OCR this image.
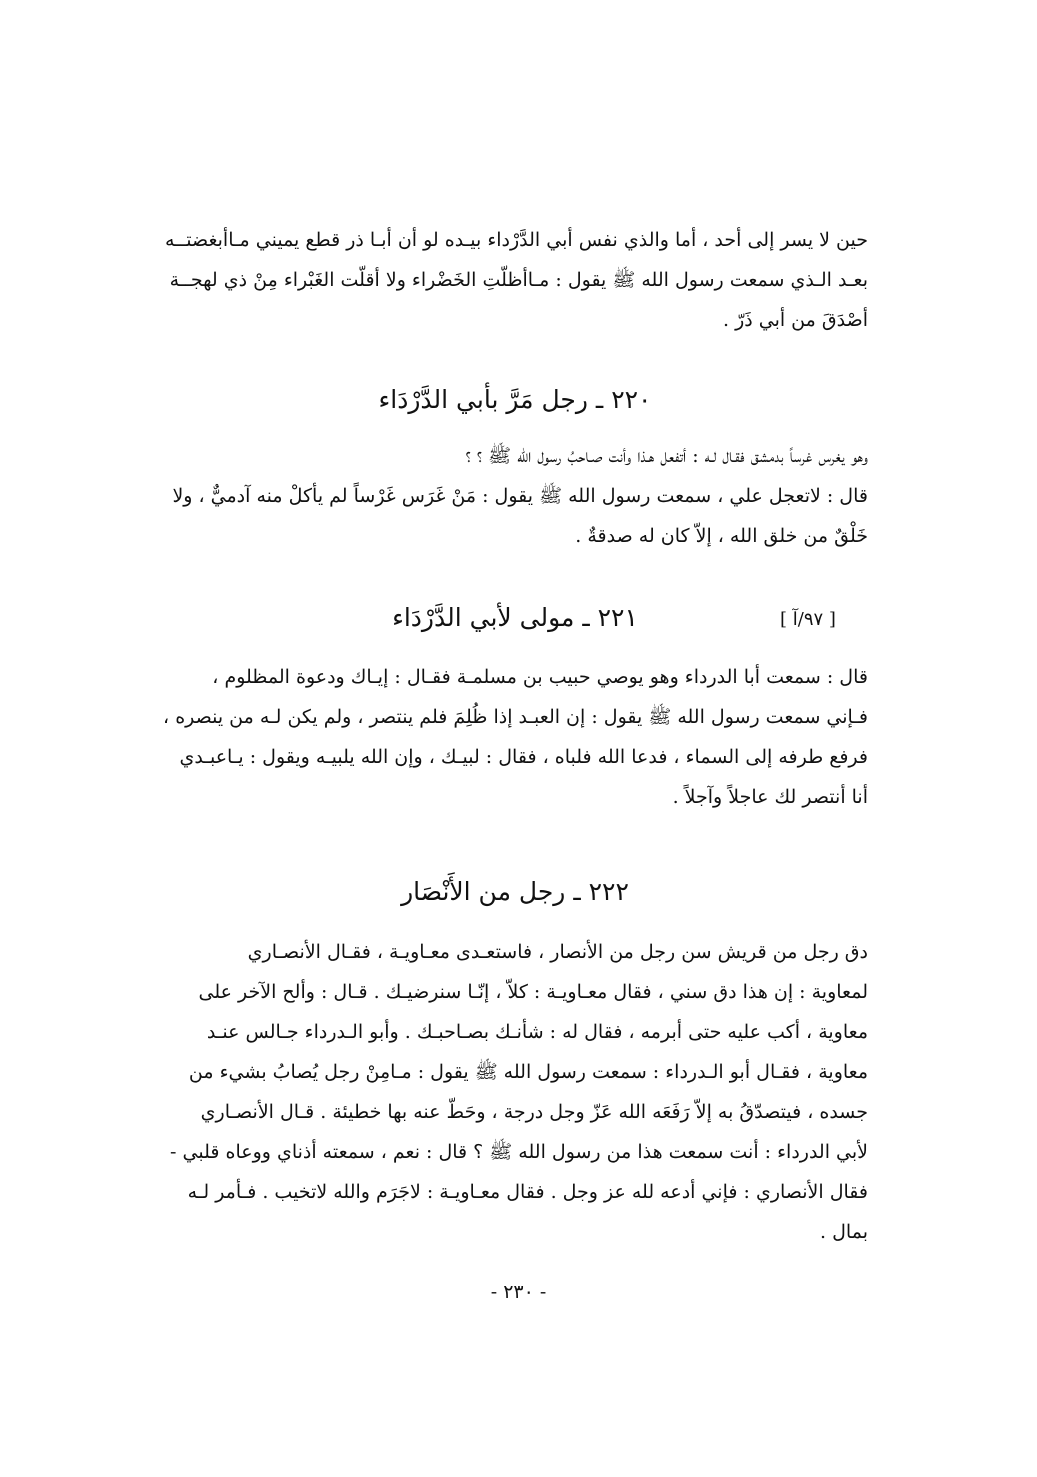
حين لا يسر إلى أحد ، أما والذي نفس أبي الدَّرْداء بيـده لو أن أبـا ذر قطع يميني مـاأبغضتــه
بعـد الـذي سمعت رسول الله ﷺ يقول : مـاأظلّتِ الخَضْراء ولا أقلّت الغَبْراء مِنْ ذي لهجــة
أصْدَقَ من أبي ذَرّ .
٢٢٠ ـ رجل مَرَّ بأبي الدَّرْدَاء
وهو يغرس غرساً بدمشق فقـال لـه : أتفعل هـذا وأنت صـاحبُ رسول الله ﷺ ؟ ؟
قال : لاتعجل علي ، سمعت رسول الله ﷺ يقول : مَنْ غَرَس غَرْساً لم يأكلْ منه آدميٌّ ، ولا
خَلْقٌ من خلق الله ، إلاّ كان له صدقةٌ .
٢٢١ ـ مولى لأبي الدَّرْدَاء	[ ٩٧/آ ]
قال : سمعت أبا الدرداء وهو يوصي حبيب بن مسلمـة فقـال : إيـاك ودعوة المظلوم ،
فـإني سمعت رسول الله ﷺ يقول : إن العبـد إذا ظُلِمَ فلم ينتصر ، ولم يكن لـه من ينصره ،
فرفع طرفه إلى السماء ، فدعا الله فلباه ، فقال : لبيـك ، وإن الله يلبيـه ويقول : يـاعبـدي
أنا أنتصر لك عاجلاً وآجلاً .
٢٢٢ ـ رجل من الأَنْصَار
دق رجل من قريش سن رجل من الأنصار ، فاستعـدى معـاويـة ، فقـال الأنصـاري
لمعاوية : إن هذا دق سني ، فقال معـاويـة : كلاّ ، إنّـا سنرضيـك . قـال : وألح الآخر على
معاوية ، أكب عليه حتى أبرمه ، فقال له : شأنـك بصـاحبـك . وأبو الـدرداء جـالس عنـد
معاوية ، فقـال أبو الـدرداء : سمعت رسول الله ﷺ يقول : مـامِنْ رجل يُصابُ بشيء من
جسده ، فيتصدّقُ به إلاّ رَفَعَه الله عَزّ وجل درجة ، وحَطّ عنه بها خطيئة . قـال الأنصـاري
لأبي الدرداء : أنت سمعت هذا من رسول الله ﷺ ؟ قال : نعم ، سمعته أذناي ووعاه قلبي -
فقال الأنصاري : فإني أدعه لله عز وجل . فقال معـاويـة : لاجَرَم والله لاتخيب . فـأمر لـه
بمال .
- ٢٣٠ -
